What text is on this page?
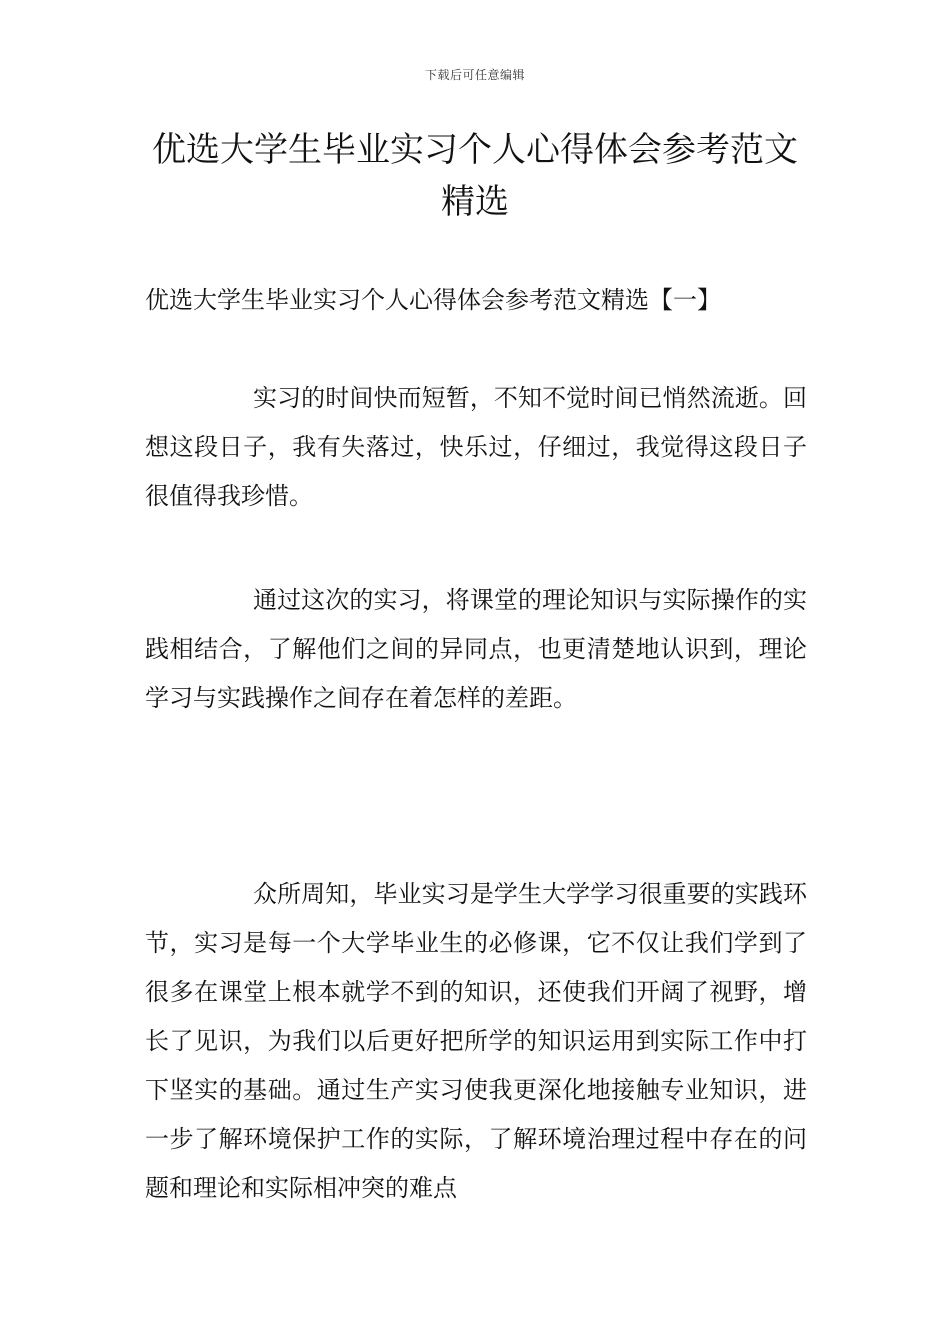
下载后可任意编辑
优选大学生毕业实习个人心得体会参考范文精选

优选大学生毕业实习个人心得体会参考范文精选【一】

实习的时间快而短暂，不知不觉时间已悄然流逝。回想这段日子，我有失落过，快乐过，仔细过，我觉得这段日子很值得我珍惜。

通过这次的实习，将课堂的理论知识与实际操作的实践相结合，了解他们之间的异同点，也更清楚地认识到，理论学习与实践操作之间存在着怎样的差距。

众所周知，毕业实习是学生大学学习很重要的实践环节，实习是每一个大学毕业生的必修课，它不仅让我们学到了很多在课堂上根本就学不到的知识，还使我们开阔了视野，增长了见识，为我们以后更好把所学的知识运用到实际工作中打下坚实的基础。通过生产实习使我更深化地接触专业知识，进一步了解环境保护工作的实际，了解环境治理过程中存在的问题和理论和实际相冲突的难点
